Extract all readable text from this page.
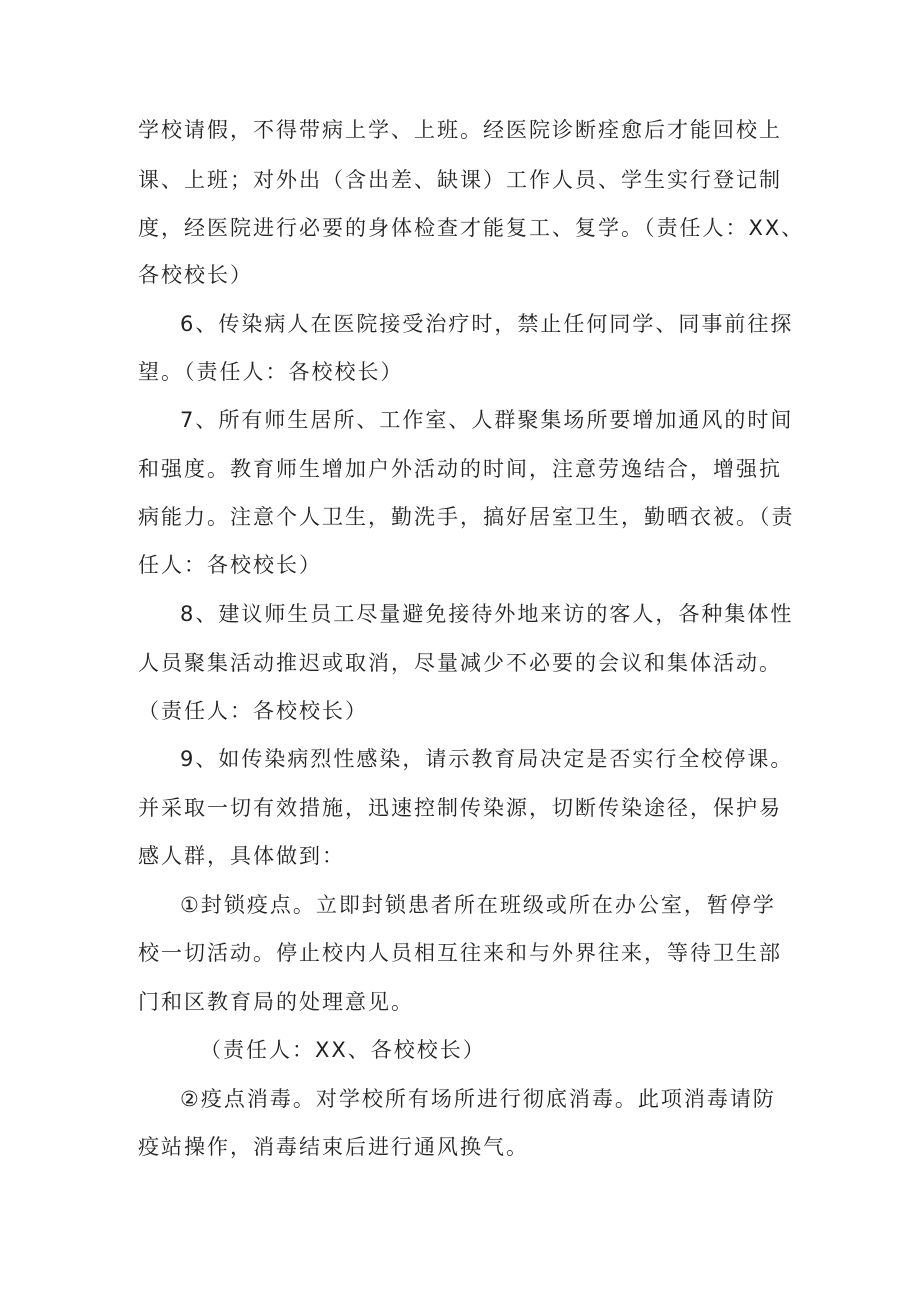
学校请假，不得带病上学、上班。经医院诊断痊愈后才能回校上
课、上班；对外出（含出差、缺课）工作人员、学生实行登记制
度，经医院进行必要的身体检查才能复工、复学。（责任人：XX、
各校校长）
6、传染病人在医院接受治疗时，禁止任何同学、同事前往探
望。（责任人：各校校长）
7、所有师生居所、工作室、人群聚集场所要增加通风的时间
和强度。教育师生增加户外活动的时间，注意劳逸结合，增强抗
病能力。注意个人卫生，勤洗手，搞好居室卫生，勤晒衣被。（责
任人：各校校长）
8、建议师生员工尽量避免接待外地来访的客人，各种集体性
人员聚集活动推迟或取消，尽量减少不必要的会议和集体活动。
（责任人：各校校长）
9、如传染病烈性感染，请示教育局决定是否实行全校停课。
并采取一切有效措施，迅速控制传染源，切断传染途径，保护易
感人群，具体做到：
①封锁疫点。立即封锁患者所在班级或所在办公室，暂停学
校一切活动。停止校内人员相互往来和与外界往来，等待卫生部
门和区教育局的处理意见。
（责任人：XX、各校校长）
②疫点消毒。对学校所有场所进行彻底消毒。此项消毒请防
疫站操作，消毒结束后进行通风换气。
